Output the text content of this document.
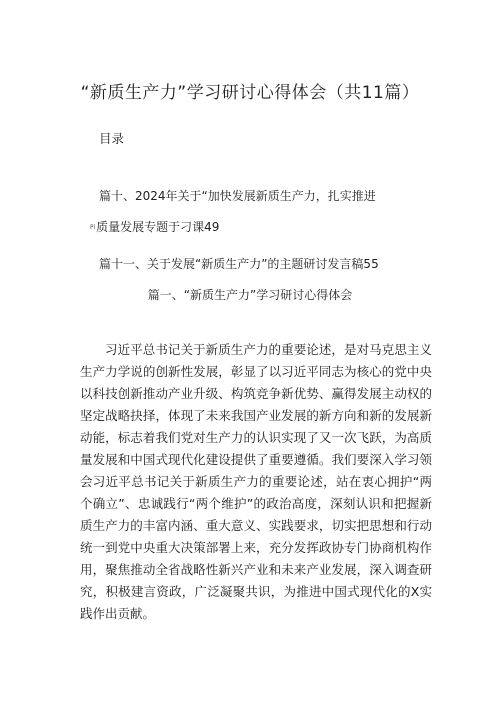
“新质生产力”学习研讨心得体会（共11篇）
目录
篇十、2024年关于“加快发展新质生产力，扎实推进
Pi质量发展专题于刁课49
篇十一、关于发展“新质生产力”的主题研讨发言稿55
篇一、“新质生产力”学习研讨心得体会

习近平总书记关于新质生产力的重要论述，是对马克思主义生产力学说的创新性发展，彰显了以习近平同志为核心的党中央以科技创新推动产业升级、构筑竞争新优势、赢得发展主动权的坚定战略抉择，体现了未来我国产业发展的新方向和新的发展新动能，标志着我们党对生产力的认识实现了又一次飞跃，为高质量发展和中国式现代化建设提供了重要遵循。我们要深入学习领会习近平总书记关于新质生产力的重要论述，站在衷心拥护“两个确立”、忠诚践行“两个维护”的政治高度，深刻认识和把握新质生产力的丰富内涵、重大意义、实践要求，切实把思想和行动统一到党中央重大决策部署上来，充分发挥政协专门协商机构作用，聚焦推动全省战略性新兴产业和未来产业发展，深入调查研究，积极建言资政，广泛凝聚共识，为推进中国式现代化的X实践作出贡献。
